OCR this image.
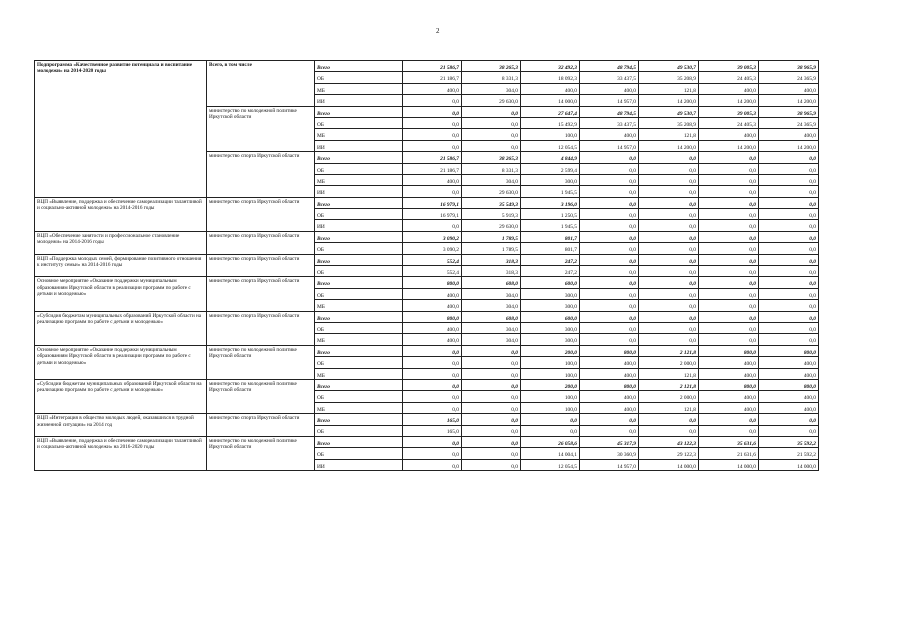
2
Подпрограмма «Качественное развитие потенциала и воспитание молодежи» на 2014-2020 годы	Всего, в том числе	Всего	21 586,7	38 265,3	32 492,3	48 794,5	49 530,7	39 005,3	38 965,9
		ОБ	21 186,7	8 331,3	18 092,3	33 437,5	35 208,9	24 405,3	24 365,9
		МБ	400,0	304,0	400,0	400,0	121,8	400,0	400,0
		ИИ	0,0	29 630,0	14 000,0	14 957,0	14 200,0	14 200,0	14 200,0
	министерство по молодежной политике Иркутской области	Всего	0,0	0,0	27 647,4	48 794,5	49 530,7	39 005,3	38 965,9
		ОБ	0,0	0,0	15 492,9	33 437,5	35 208,9	24 405,3	24 365,9
		МБ	0,0	0,0	100,0	400,0	121,8	400,0	400,0
		ИИ	0,0	0,0	12 054,5	14 957,0	14 200,0	14 200,0	14 200,0
	министерство спорта Иркутской области	Всего	21 586,7	38 265,3	4 844,9	0,0	0,0	0,0	0,0
		ОБ	21 186,7	8 331,3	2 599,4	0,0	0,0	0,0	0,0
		МБ	400,0	304,0	300,0	0,0	0,0	0,0	0,0
		ИИ	0,0	29 630,0	1 945,5	0,0	0,0	0,0	0,0
ВЦП «Выявление, поддержка и обеспечение самореализации талантливой и социально-активной молодежи» на 2014-2016 годы	министерство спорта Иркутской области	Всего	16 979,1	35 549,3	3 196,0	0,0	0,0	0,0	0,0
		ОБ	16 979,1	5 919,3	1 250,5	0,0	0,0	0,0	0,0
		ИИ	0,0	29 630,0	1 945,5	0,0	0,0	0,0	0,0
ВЦП «Обеспечение занятости и профессиональное становление молодежи» на 2014-2016 годы	министерство спорта Иркутской области	Всего	3 090,2	1 789,5	801,7	0,0	0,0	0,0	0,0
		ОБ	3 090,2	1 789,5	801,7	0,0	0,0	0,0	0,0
ВЦП «Поддержка молодых семей, формирование позитивного отношения к институту семьи» на 2014-2016 годы	министерство спорта Иркутской области	Всего	552,4	318,3	247,2	0,0	0,0	0,0	0,0
		ОБ	552,4	318,3	247,2	0,0	0,0	0,0	0,0
Основное мероприятие «Оказание поддержки муниципальным образованиям Иркутской области в реализации программ по работе с детьми и молодежью»	министерство спорта Иркутской области	Всего	800,0	608,0	600,0	0,0	0,0	0,0	0,0
		ОБ	400,0	304,0	300,0	0,0	0,0	0,0	0,0
		МБ	400,0	304,0	300,0	0,0	0,0	0,0	0,0
«Субсидия бюджетам муниципальных образований Иркутской области на реализацию программ по работе с детьми и молодежью»	министерство спорта Иркутской области	Всего	800,0	608,0	600,0	0,0	0,0	0,0	0,0
		ОБ	400,0	304,0	300,0	0,0	0,0	0,0	0,0
		МБ	400,0	304,0	300,0	0,0	0,0	0,0	0,0
Основное мероприятие «Оказание поддержки муниципальным образованиям Иркутской области в реализации программ по работе с детьми и молодежью»	министерство по молодежной политике Иркутской области	Всего	0,0	0,0	200,0	800,0	2 121,8	800,0	800,0
		ОБ	0,0	0,0	100,0	400,0	2 000,0	400,0	400,0
		МБ	0,0	0,0	100,0	400,0	121,8	400,0	400,0
«Субсидии бюджетам муниципальных образований Иркутской области на реализацию программ по работе с детьми и молодежью»	министерство по молодежной политике Иркутской области	Всего	0,0	0,0	200,0	800,0	2 121,8	800,0	800,0
		ОБ	0,0	0,0	100,0	400,0	2 000,0	400,0	400,0
		МБ	0,0	0,0	100,0	400,0	121,8	400,0	400,0
ВЦП «Интеграция в общество молодых людей, оказавшихся в трудной жизненной ситуации» на 2014 год	министерство спорта Иркутской области	Всего	165,0	0,0	0,0	0,0	0,0	0,0	0,0
		ОБ	165,0	0,0	0,0	0,0	0,0	0,0	0,0
ВЦП «Выявление, поддержка и обеспечение самореализации талантливой и социально-активной молодежи» на 2016-2020 годы	министерство по молодежной политике Иркутской области	Всего	0,0	0,0	26 058,6	45 317,9	43 122,3	35 631,6	35 592,2
		ОБ	0,0	0,0	14 004,1	30 360,9	29 122,3	21 631,6	21 592,2
		ИИ	0,0	0,0	12 054,5	14 957,0	14 000,0	14 000,0	14 000,0
